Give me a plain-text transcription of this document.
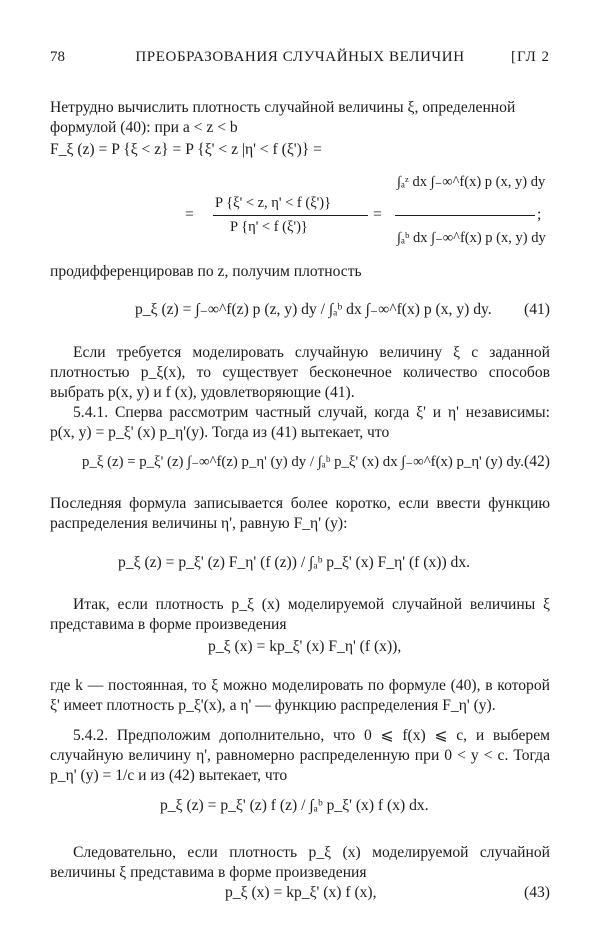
78	ПРЕОБРАЗОВАНИЯ СЛУЧАЙНЫХ ВЕЛИЧИН	[ГЛ 2
Нетрудно вычислить плотность случайной величины ξ, определенной
формулой (40): при a < z < b
F_ξ (z) = P {ξ < z} = P {ξ' < z |η' < f (ξ')} =
=
P {ξ' < z, η' < f (ξ')}
P {η' < f (ξ')}
=
∫ₐᶻ dx ∫₋∞^f(x) p (x, y) dy
∫ₐᵇ dx ∫₋∞^f(x) p (x, y) dy
;
продифференцировав по z, получим плотность
p_ξ (z) = ∫₋∞^f(z) p (z, y) dy / ∫ₐᵇ dx ∫₋∞^f(x) p (x, y) dy. (41)
Если требуется моделировать случайную величину ξ с заданной плотностью p_ξ(x), то существует бесконечное количество способов выбрать p(x, y) и f (x), удовлетворяющие (41).
5.4.1. Сперва рассмотрим частный случай, когда ξ' и η' независимы: p(x, y) = p_ξ' (x) p_η'(y). Тогда из (41) вытекает, что
p_ξ (z) = p_ξ' (z) ∫₋∞^f(z) p_η' (y) dy / ∫ₐᵇ p_ξ' (x) dx ∫₋∞^f(x) p_η' (y) dy. (42)
Последняя формула записывается более коротко, если ввести функцию распределения величины η', равную F_η' (y):
p_ξ (z) = p_ξ' (z) F_η' (f (z)) / ∫ₐᵇ p_ξ' (x) F_η' (f (x)) dx.
Итак, если плотность p_ξ (x) моделируемой случайной величины ξ представима в форме произведения
p_ξ (x) = kp_ξ' (x) F_η' (f (x)),
где k — постоянная, то ξ можно моделировать по формуле (40), в которой ξ' имеет плотность p_ξ'(x), а η' — функцию распределения F_η' (y).
5.4.2. Предположим дополнительно, что 0 ⩽ f(x) ⩽ c, и выберем случайную величину η', равномерно распределенную при 0 < y < c. Тогда p_η' (y) = 1/c и из (42) вытекает, что
p_ξ (z) = p_ξ' (z) f (z) / ∫ₐᵇ p_ξ' (x) f (x) dx.
Следовательно, если плотность p_ξ (x) моделируемой случайной величины ξ представима в форме произведения
p_ξ (x) = kp_ξ' (x) f (x),	(43)
